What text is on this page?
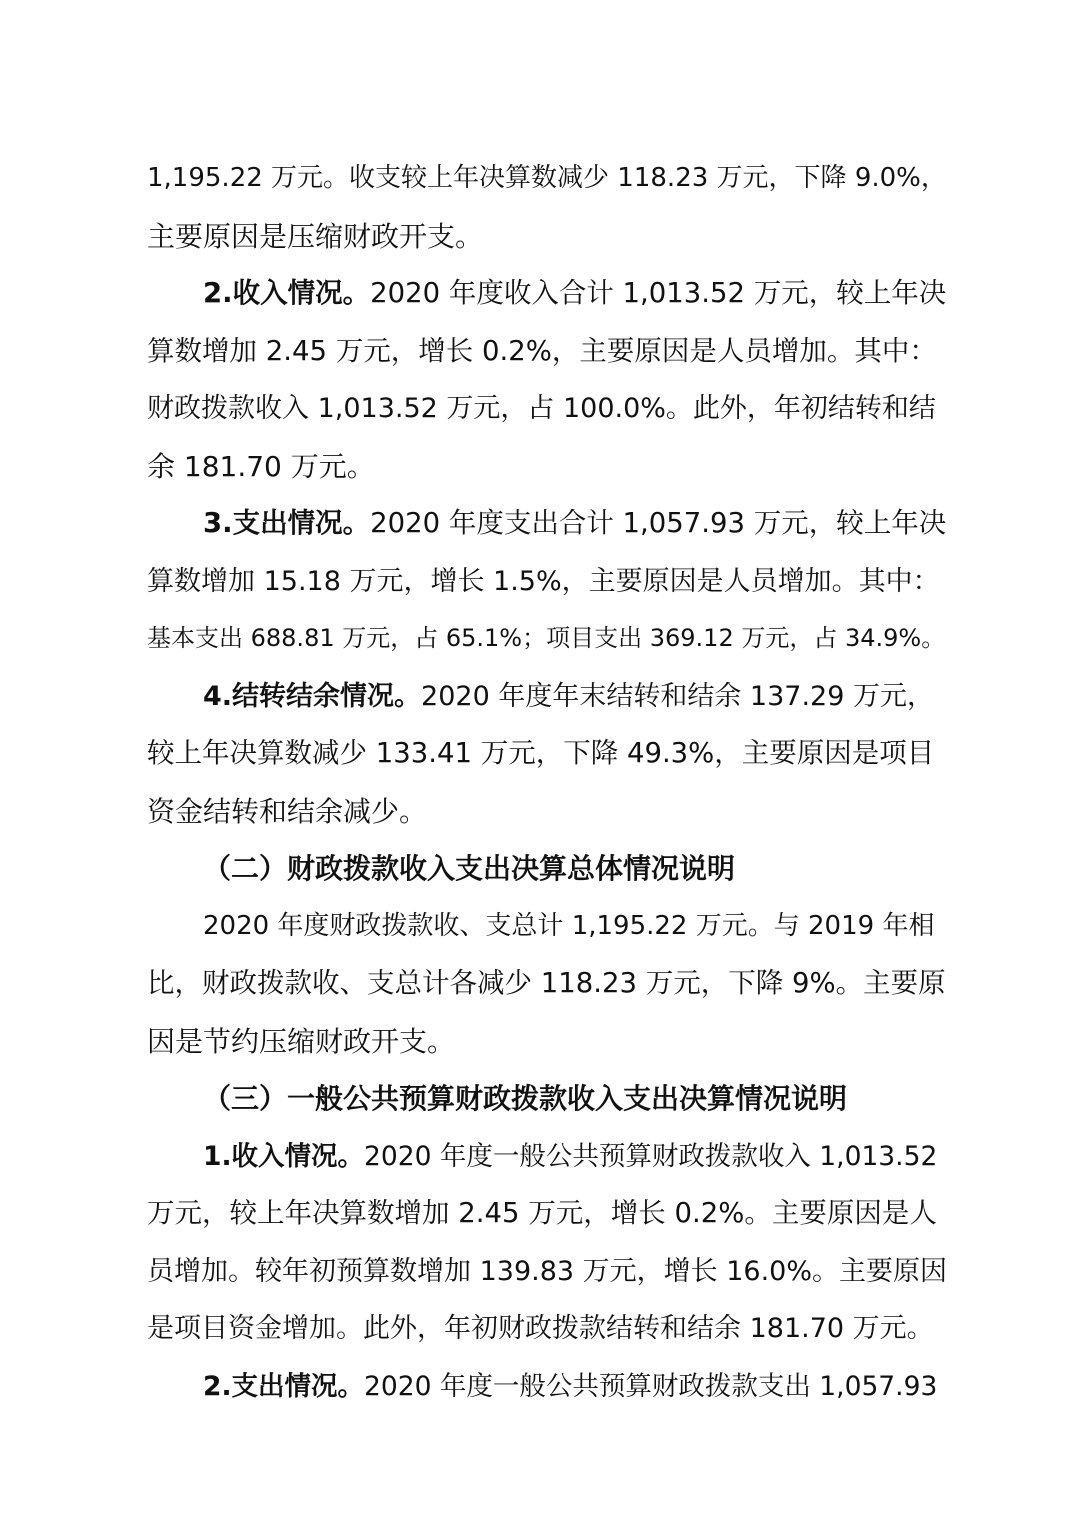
1,195.22 万元。收支较上年决算数减少 118.23 万元，下降 9.0%，
主要原因是压缩财政开支。
2.收入情况。2020 年度收入合计 1,013.52 万元，较上年决
算数增加 2.45 万元，增长 0.2%，主要原因是人员增加。其中：
财政拨款收入 1,013.52 万元，占 100.0%。此外，年初结转和结
余 181.70 万元。
3.支出情况。2020 年度支出合计 1,057.93 万元，较上年决
算数增加 15.18 万元，增长 1.5%，主要原因是人员增加。其中：
基本支出 688.81 万元，占 65.1%；项目支出 369.12 万元，占 34.9%。
4.结转结余情况。2020 年度年末结转和结余 137.29 万元，
较上年决算数减少 133.41 万元，下降 49.3%，主要原因是项目
资金结转和结余减少。
（二）财政拨款收入支出决算总体情况说明
2020 年度财政拨款收、支总计 1,195.22 万元。与 2019 年相
比，财政拨款收、支总计各减少 118.23 万元，下降 9%。主要原
因是节约压缩财政开支。
（三）一般公共预算财政拨款收入支出决算情况说明
1.收入情况。2020 年度一般公共预算财政拨款收入 1,013.52
万元，较上年决算数增加 2.45 万元，增长 0.2%。主要原因是人
员增加。较年初预算数增加 139.83 万元，增长 16.0%。主要原因
是项目资金增加。此外，年初财政拨款结转和结余 181.70 万元。
2.支出情况。2020 年度一般公共预算财政拨款支出 1,057.93
